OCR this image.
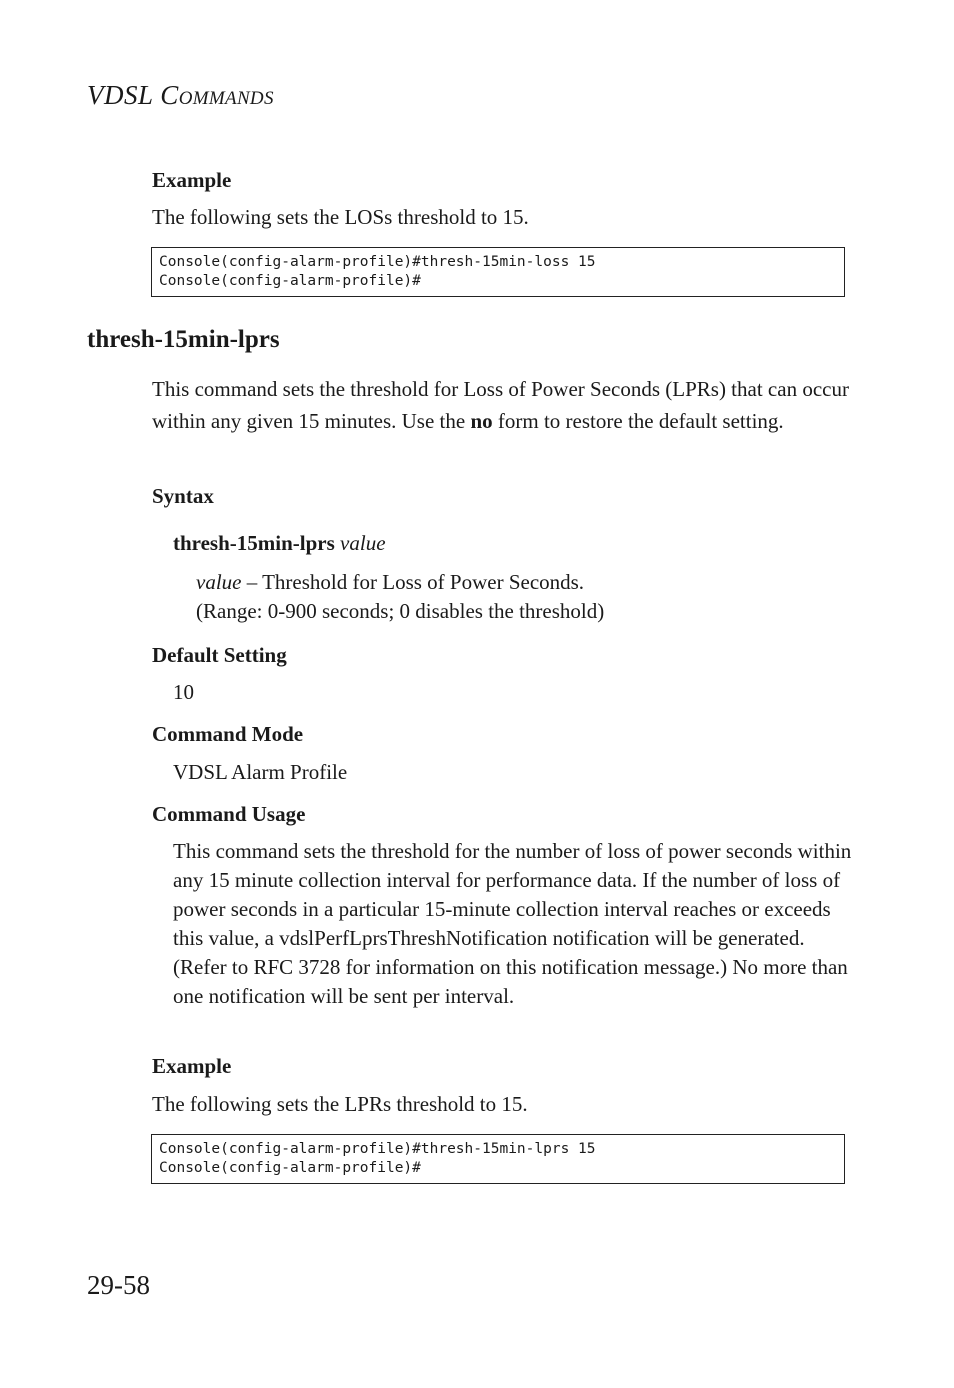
VDSL COMMANDS
Example
The following sets the LOSs threshold to 15.
Console(config-alarm-profile)#thresh-15min-loss 15
Console(config-alarm-profile)#
thresh-15min-lprs
This command sets the threshold for Loss of Power Seconds (LPRs) that can occur within any given 15 minutes. Use the no form to restore the default setting.
Syntax
thresh-15min-lprs value
value – Threshold for Loss of Power Seconds.
(Range: 0-900 seconds; 0 disables the threshold)
Default Setting
10
Command Mode
VDSL Alarm Profile
Command Usage
This command sets the threshold for the number of loss of power seconds within any 15 minute collection interval for performance data. If the number of loss of power seconds in a particular 15-minute collection interval reaches or exceeds this value, a vdslPerfLprsThreshNotification notification will be generated. (Refer to RFC 3728 for information on this notification message.) No more than one notification will be sent per interval.
Example
The following sets the LPRs threshold to 15.
Console(config-alarm-profile)#thresh-15min-lprs 15
Console(config-alarm-profile)#
29-58
